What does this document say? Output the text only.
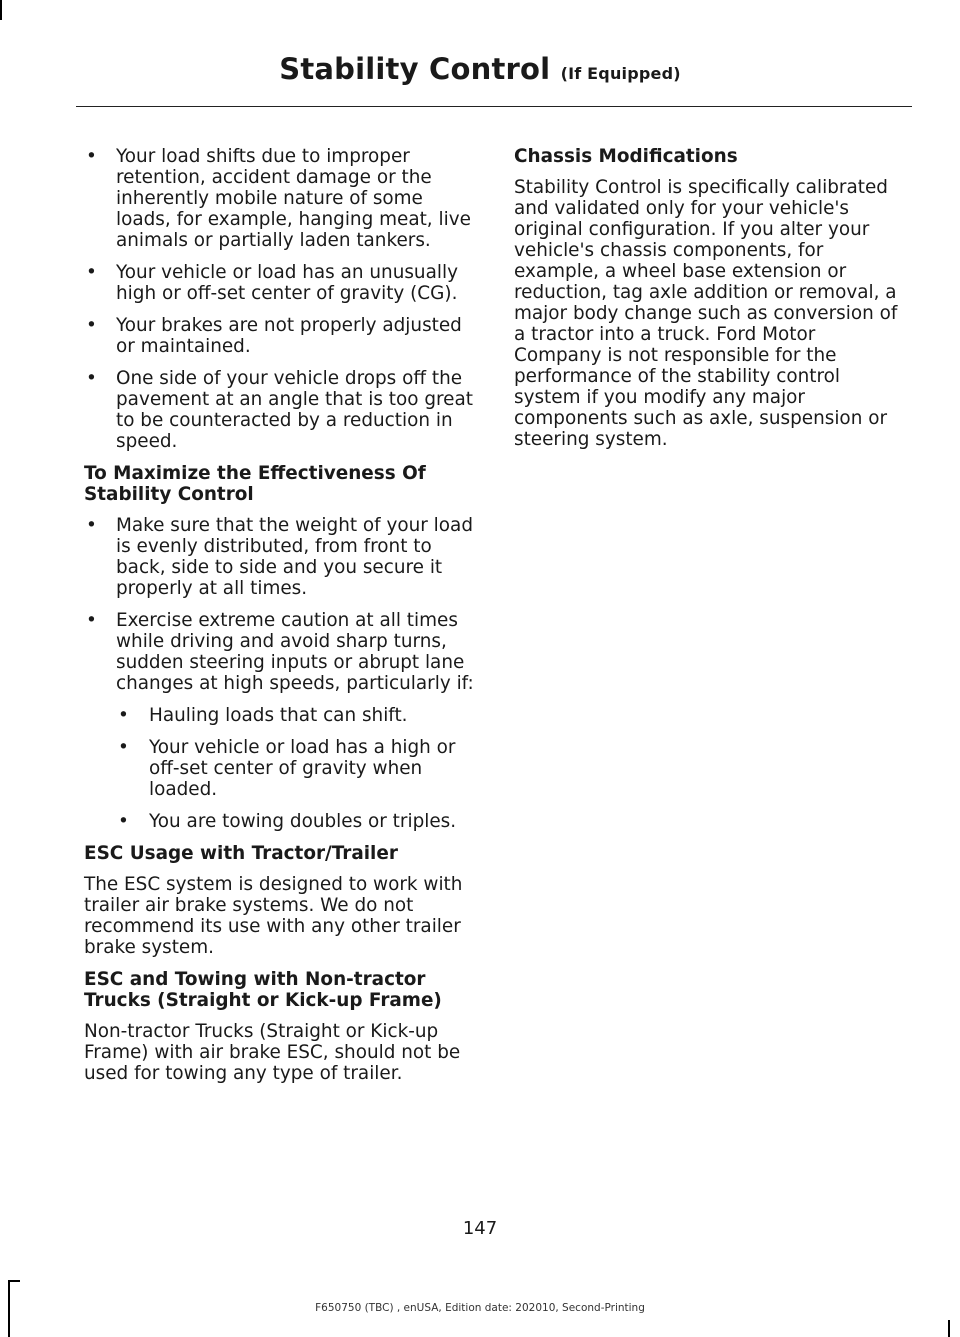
Stability Control (If Equipped)
• Your load shifts due to improper retention, accident damage or the inherently mobile nature of some loads, for example, hanging meat, live animals or partially laden tankers.
• Your vehicle or load has an unusually high or off-set center of gravity (CG).
• Your brakes are not properly adjusted or maintained.
• One side of your vehicle drops off the pavement at an angle that is too great to be counteracted by a reduction in speed.

To Maximize the Effectiveness Of Stability Control

• Make sure that the weight of your load is evenly distributed, from front to back, side to side and you secure it properly at all times.
• Exercise extreme caution at all times while driving and avoid sharp turns, sudden steering inputs or abrupt lane changes at high speeds, particularly if:
• Hauling loads that can shift.
• Your vehicle or load has a high or off-set center of gravity when loaded.
• You are towing doubles or triples.

ESC Usage with Tractor/Trailer

The ESC system is designed to work with trailer air brake systems. We do not recommend its use with any other trailer brake system.

ESC and Towing with Non-tractor Trucks (Straight or Kick-up Frame)

Non-tractor Trucks (Straight or Kick-up Frame) with air brake ESC, should not be used for towing any type of trailer.

Chassis Modifications

Stability Control is specifically calibrated and validated only for your vehicle's original configuration. If you alter your vehicle's chassis components, for example, a wheel base extension or reduction, tag axle addition or removal, a major body change such as conversion of a tractor into a truck. Ford Motor Company is not responsible for the performance of the stability control system if you modify any major components such as axle, suspension or steering system.

147
F650750 (TBC) , enUSA, Edition date: 202010, Second-Printing
